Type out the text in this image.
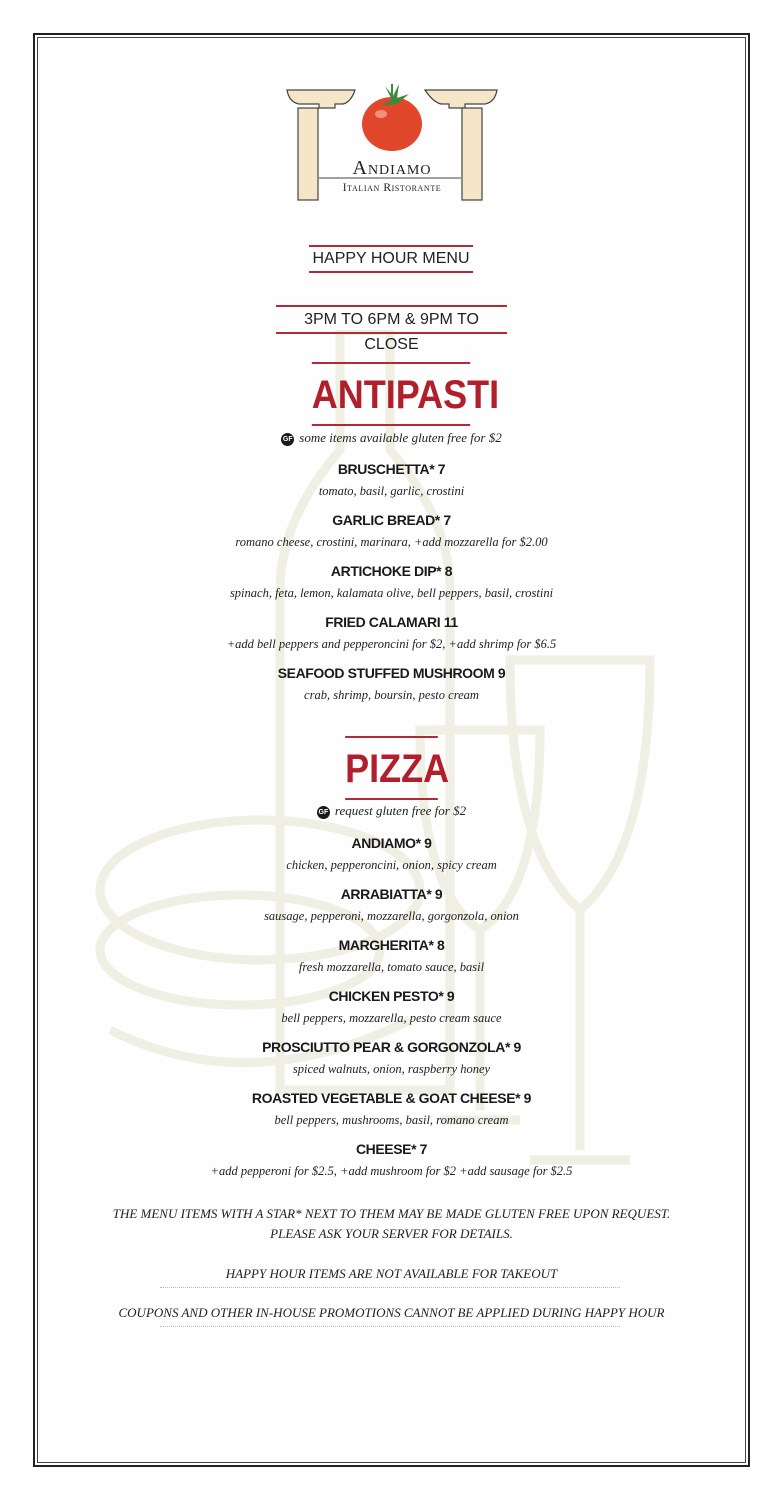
Andiamo
Italian Ristorante
HAPPY HOUR MENU
3PM TO 6PM & 9PM TO CLOSE
ANTIPASTI
GF some items available gluten free for $2
BRUSCHETTA* 7
tomato, basil, garlic, crostini
GARLIC BREAD* 7
romano cheese, crostini, marinara, +add mozzarella for $2.00
ARTICHOKE DIP* 8
spinach, feta, lemon, kalamata olive, bell peppers, basil, crostini
FRIED CALAMARI 11
+add bell peppers and pepperoncini for $2, +add shrimp for $6.5
SEAFOOD STUFFED MUSHROOM 9
crab, shrimp, boursin, pesto cream
PIZZA
GF request gluten free for $2
ANDIAMO* 9
chicken, pepperoncini, onion, spicy cream
ARRABIATTA* 9
sausage, pepperoni, mozzarella, gorgonzola, onion
MARGHERITA* 8
fresh mozzarella, tomato sauce, basil
CHICKEN PESTO* 9
bell peppers, mozzarella, pesto cream sauce
PROSCIUTTO PEAR & GORGONZOLA* 9
spiced walnuts, onion, raspberry honey
ROASTED VEGETABLE & GOAT CHEESE* 9
bell peppers, mushrooms, basil, romano cream
CHEESE* 7
+add pepperoni for $2.5, +add mushroom for $2 +add sausage for $2.5
THE MENU ITEMS WITH A STAR* NEXT TO THEM MAY BE MADE GLUTEN FREE UPON REQUEST.
PLEASE ASK YOUR SERVER FOR DETAILS.
HAPPY HOUR ITEMS ARE NOT AVAILABLE FOR TAKEOUT
COUPONS AND OTHER IN-HOUSE PROMOTIONS CANNOT BE APPLIED DURING HAPPY HOUR
